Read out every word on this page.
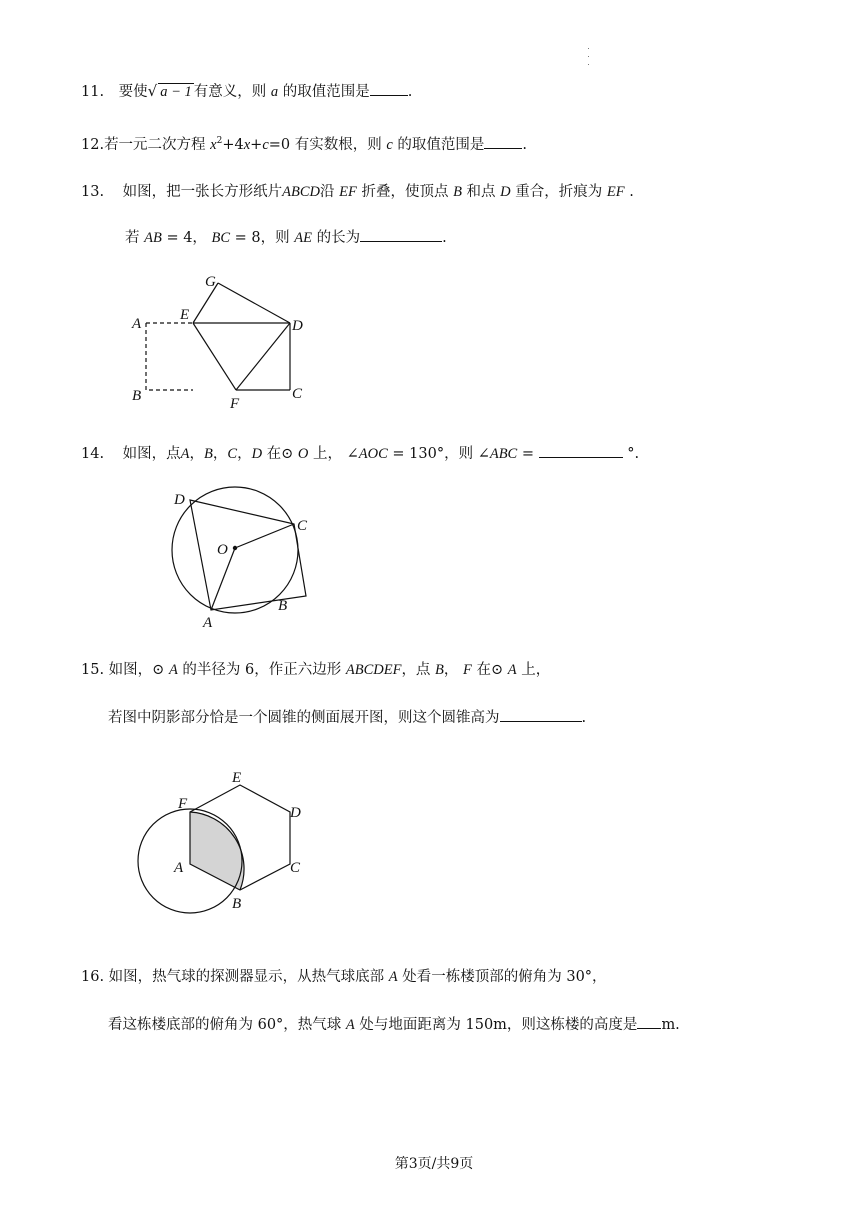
11. 要使√ a − 1 有意义，则 a 的取值范围是	.
12.若一元二次方程 $x^2+4x+c=0$ 有实数根，则 c 的取值范围是	.
13. 如图，把一张长方形纸片ABCD沿 EF 折叠，使顶点 B 和点 D 重合，折痕为 EF .
若 AB = 4， BC = 8，则 AE 的长为	.
G
E
A	D
B	F
C
14. 如图，点A，B，C，D 在⊙ O 上， ∠AOC = 130°，则 ∠ABC =	°.
D
C
O
B
A
15. 如图，⊙ A 的半径为 6，作正六边形 ABCDEF，点 B， F 在⊙ A 上，
若图中阴影部分恰是一个圆锥的侧面展开图，则这个圆锥高为	.
E
F
D
A	C
B
16. 如图，热气球的探测器显示，从热气球底部 A 处看一栋楼顶部的俯角为 30°，
看这栋楼底部的俯角为 60°，热气球 A 处与地面距离为 150m，则这栋楼的高度是 m.
第3页/共9页
